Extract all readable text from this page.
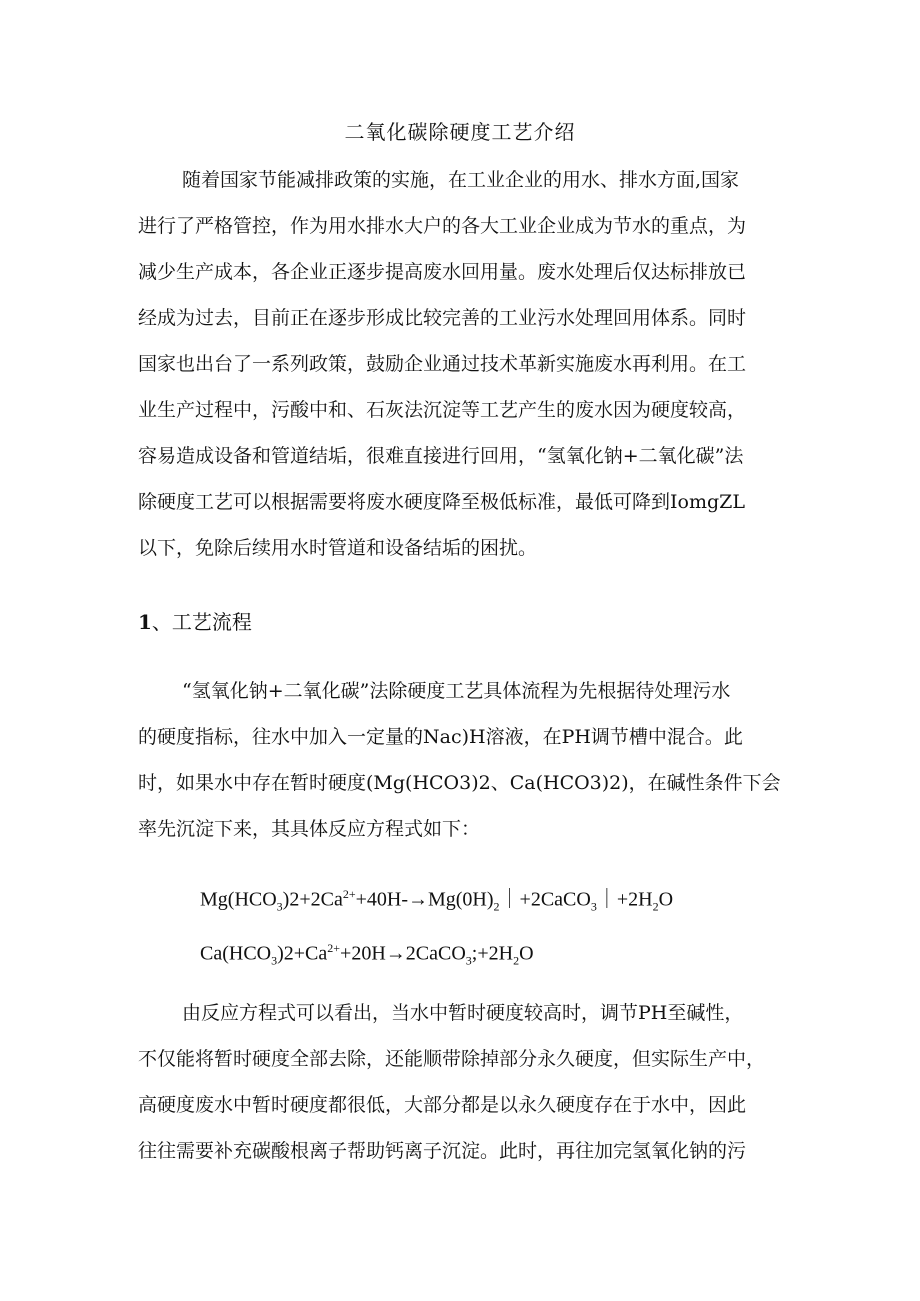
二氧化碳除硬度工艺介绍
随着国家节能减排政策的实施，在工业企业的用水、排水方面,国家
进行了严格管控，作为用水排水大户的各大工业企业成为节水的重点，为
减少生产成本，各企业正逐步提高废水回用量。废水处理后仅达标排放已
经成为过去，目前正在逐步形成比较完善的工业污水处理回用体系。同时
国家也出台了一系列政策，鼓励企业通过技术革新实施废水再利用。在工
业生产过程中，污酸中和、石灰法沉淀等工艺产生的废水因为硬度较高，
容易造成设备和管道结垢，很难直接进行回用，“氢氧化钠+二氧化碳”法
除硬度工艺可以根据需要将废水硬度降至极低标准，最低可降到IomgZL
以下，免除后续用水时管道和设备结垢的困扰。
1、工艺流程
“氢氧化钠+二氧化碳”法除硬度工艺具体流程为先根据待处理污水
的硬度指标，往水中加入一定量的Nac)H溶液，在PH调节槽中混合。此
时，如果水中存在暂时硬度(Mg(HCO3)2、Ca(HCO3)2)，在碱性条件下会
率先沉淀下来，其具体反应方程式如下：
$Mg(HCO_3)2+2Ca^{2+}+40H-\to Mg(0H)_2|+2CaCO_3|+2H_2O$
$Ca(HCO_3)2+Ca^{2+}+20H\to 2CaCO_3;+2H_2O$
由反应方程式可以看出，当水中暂时硬度较高时，调节PH至碱性，
不仅能将暂时硬度全部去除，还能顺带除掉部分永久硬度，但实际生产中，
高硬度废水中暂时硬度都很低，大部分都是以永久硬度存在于水中，因此
往往需要补充碳酸根离子帮助钙离子沉淀。此时，再往加完氢氧化钠的污
